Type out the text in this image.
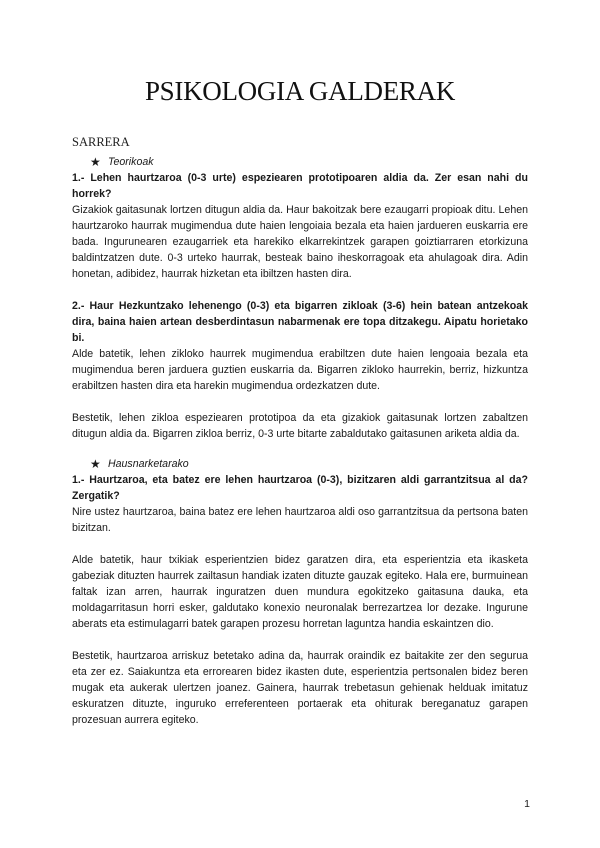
PSIKOLOGIA GALDERAK
SARRERA
★ Teorikoak

1.- Lehen haurtzaroa (0-3 urte) espeziearen prototipoaren aldia da. Zer esan nahi du horrek?

Gizakiok gaitasunak lortzen ditugun aldia da. Haur bakoitzak bere ezaugarri propioak ditu. Lehen haurtzaroko haurrak mugimendua dute haien lengoiaia bezala eta haien jardueren euskarria ere bada. Ingurunearen ezaugarriek eta harekiko elkarrekintzek garapen goiztiarraren etorkizuna baldintzatzen dute. 0-3 urteko haurrak, besteak baino iheskorragoak eta ahulagoak dira. Adin honetan, adibidez, haurrak hizketan eta ibiltzen hasten dira.

2.- Haur Hezkuntzako lehenengo (0-3) eta bigarren zikloak (3-6) hein batean antzekoak dira, baina haien artean desberdintasun nabarmenak ere topa ditzakegu. Aipatu horietako bi.

Alde batetik, lehen zikloko haurrek mugimendua erabiltzen dute haien lengoaia bezala eta mugimendua beren jarduera guztien euskarria da. Bigarren zikloko haurrekin, berriz, hizkuntza erabiltzen hasten dira eta harekin mugimendua ordezkatzen dute.

Bestetik, lehen zikloa espeziearen prototipoa da eta gizakiok gaitasunak lortzen zabaltzen ditugun aldia da. Bigarren zikloa berriz, 0-3 urte bitarte zabaldutako gaitasunen ariketa aldia da.

★ Hausnarketarako

1.- Haurtzaroa, eta batez ere lehen haurtzaroa (0-3), bizitzaren aldi garrantzitsua al da? Zergatik?

Nire ustez haurtzaroa, baina batez ere lehen haurtzaroa aldi oso garrantzitsua da pertsona baten bizitzan.

Alde batetik, haur txikiak esperientzien bidez garatzen dira, eta esperientzia eta ikasketa gabeziak dituzten haurrek zailtasun handiak izaten dituzte gauzak egiteko. Hala ere, burmuinean faltak izan arren, haurrak inguratzen duen mundura egokitzeko gaitasuna dauka, eta moldagarritasun horri esker, galdutako konexio neuronalak berrezartzea lor dezake. Ingurune aberats eta estimulagarri batek garapen prozesu horretan laguntza handia eskaintzen dio.

Bestetik, haurtzaroa arriskuz betetako adina da, haurrak oraindik ez baitakite zer den segurua eta zer ez. Saiakuntza eta errorearen bidez ikasten dute, esperientzia pertsonalen bidez beren mugak eta aukerak ulertzen joanez. Gainera, haurrak trebetasun gehienak helduak imitatuz eskuratzen dituzte, inguruko erreferenteen portaerak eta ohiturak bereganatuz garapen prozesuan aurrera egiteko.

1
